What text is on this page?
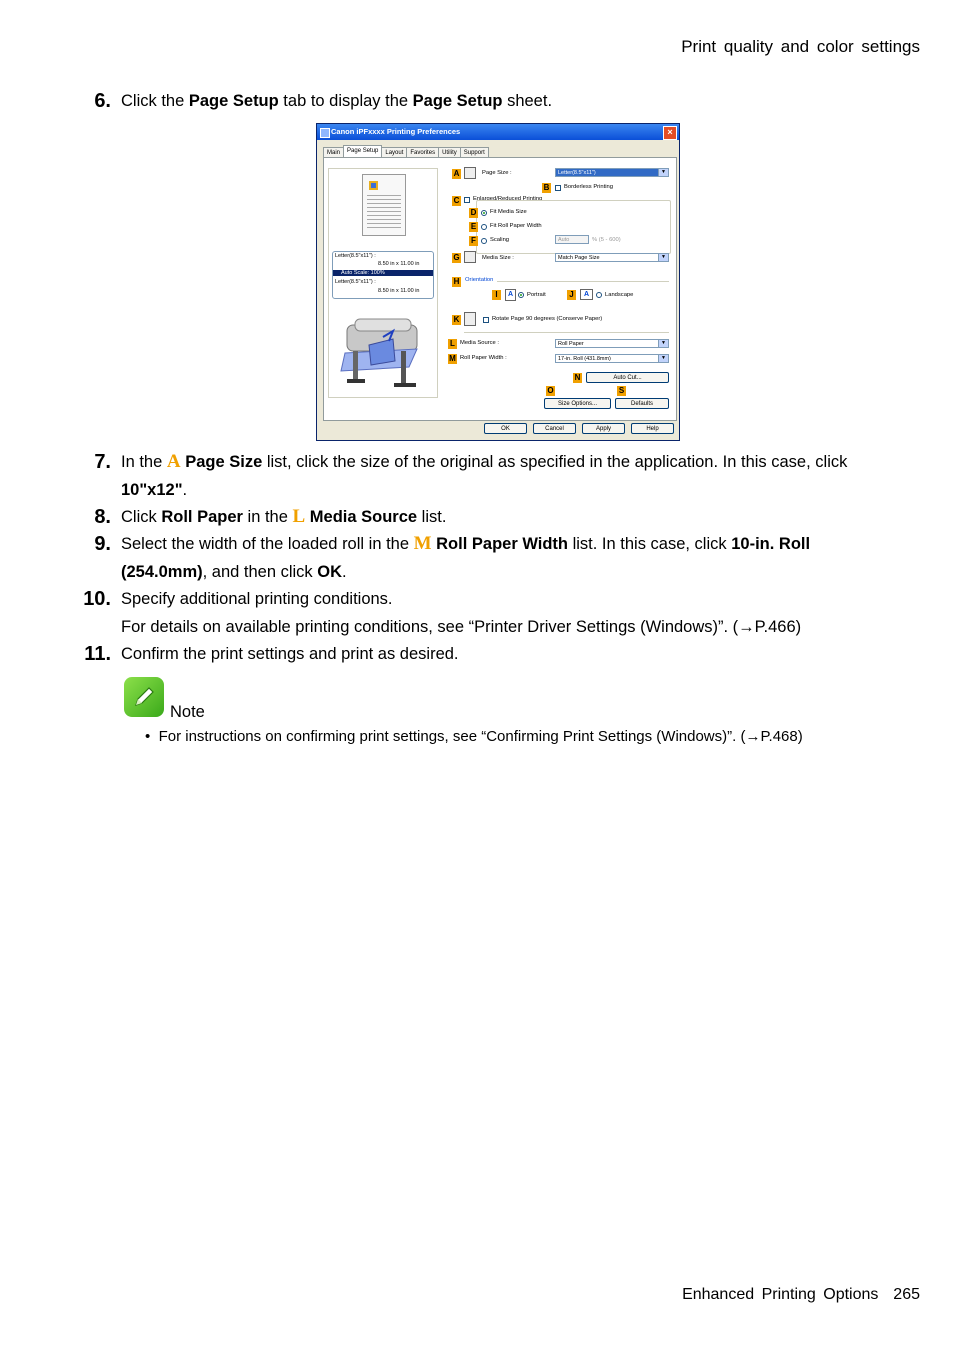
Print quality and color settings
6. Click the Page Setup tab to display the Page Setup sheet.
Canon iPFxxxx Printing Preferences	×
Main Page Setup Layout Favorites Utility Support
Letter(8.5"x11") :
8.50 in x 11.00 in
Auto Scale: 100%
Letter(8.5"x11") :
8.50 in x 11.00 in
A	Page Size :	Letter(8.5"x11")	▼
B	Borderless Printing
C Enlarged/Reduced Printing
D Fit Media Size
E	Fit Roll Paper Width
F	Scaling	Auto	% (5 - 600)
G	Media Size :	Match Page Size	▼
H Orientation
I	A	Portrait	J	A	Landscape
K	Rotate Page 90 degrees (Conserve Paper)
L Media Source :	Roll Paper	▼
M Roll Paper Width :	17-in. Roll (431.8mm)	▼
N	Auto Cut...
O	S
Size Options...	Defaults
OK	Cancel	Apply	Help
7. In the A Page Size list, click the size of the original as specified in the application. In this case, click 10"x12".
8. Click Roll Paper in the L Media Source list.
9. Select the width of the loaded roll in the M Roll Paper Width list. In this case, click 10-in. Roll (254.0mm), and then click OK.
10. Specify additional printing conditions.
For details on available printing conditions, see “Printer Driver Settings (Windows)”. (→P.466)
11. Confirm the print settings and print as desired.
Note
•  For instructions on confirming print settings, see “Confirming Print Settings (Windows)”. (→P.468)
Enhanced Printing Options 265
